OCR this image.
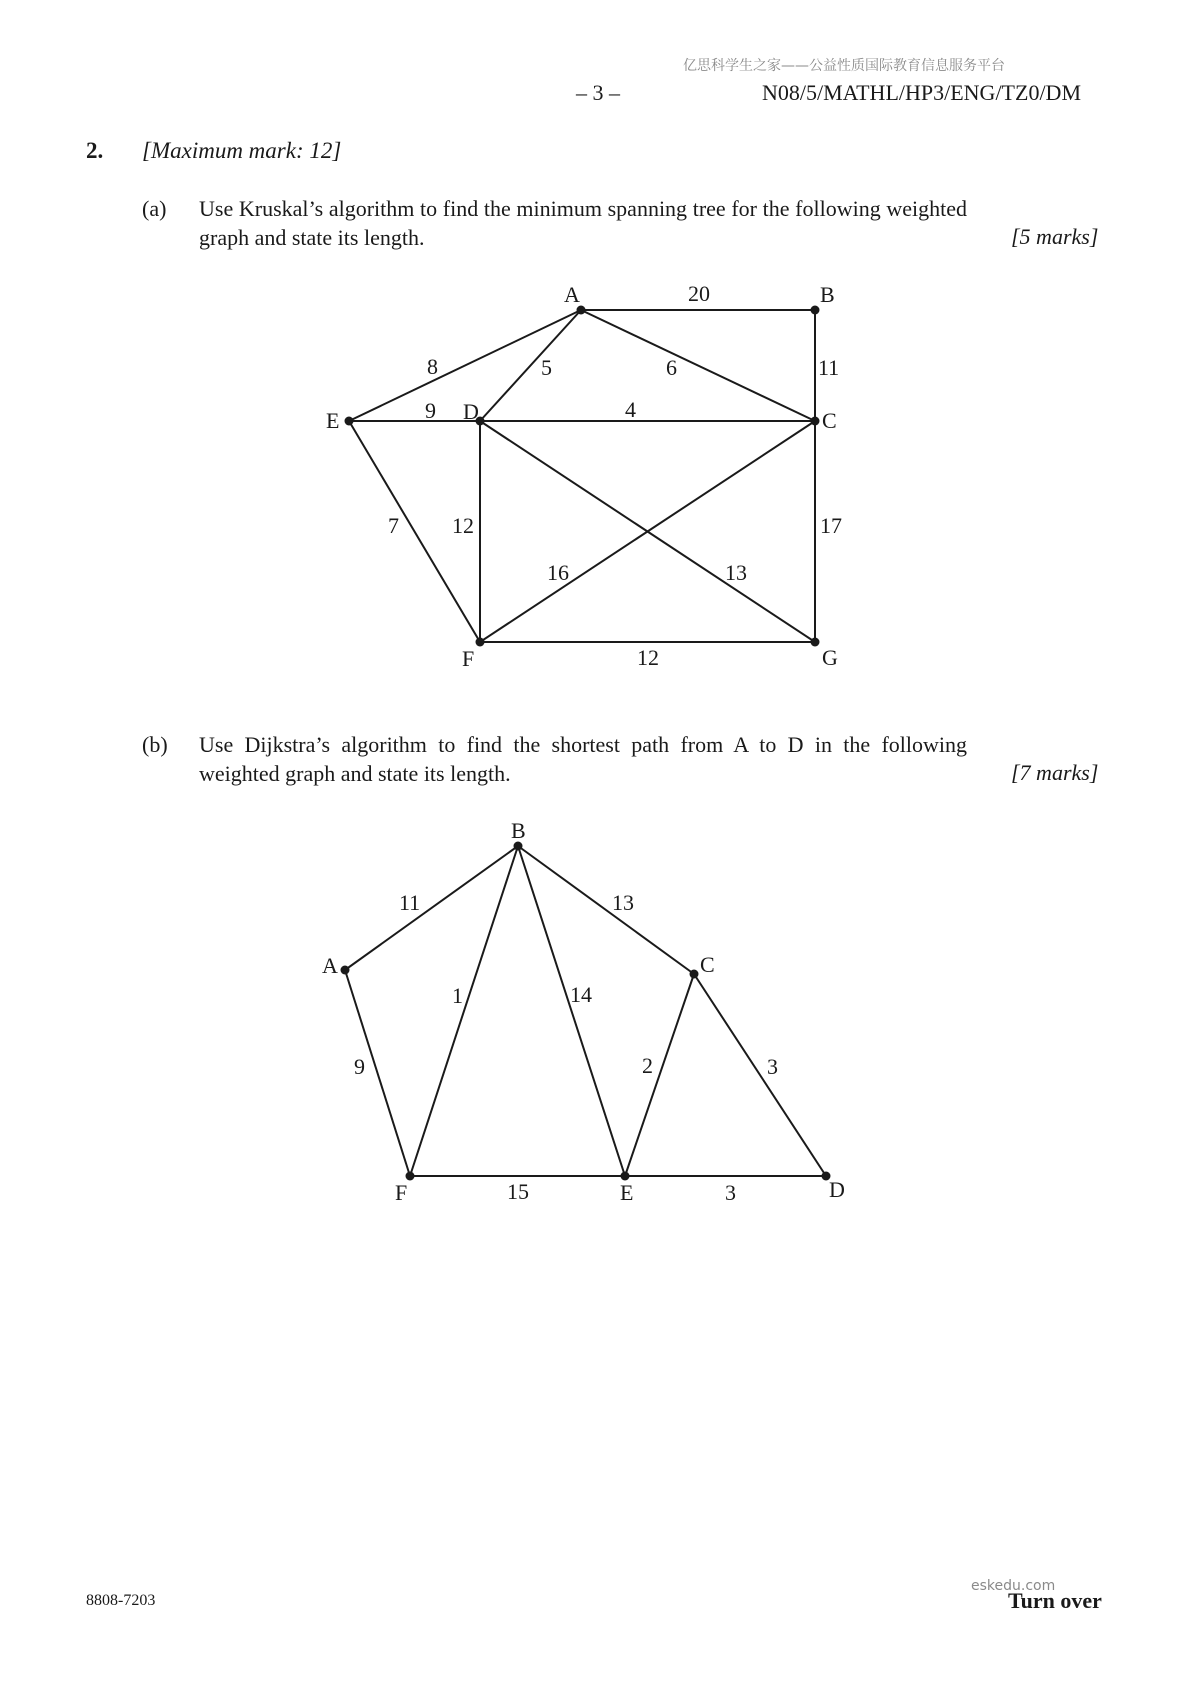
亿思科学生之家——公益性质国际教育信息服务平台
– 3 –	N08/5/MATHL/HP3/ENG/TZ0/DM
2. [Maximum mark: 12]
(a) Use Kruskal’s algorithm to find the minimum spanning tree for the following weighted graph and state its length.	[5 marks]
A	B
C
D
E
F	G
20
8	5	6	11
9	4
7 12	17
16	13
12
(b) Use Dijkstra’s algorithm to find the shortest path from A to D in the following weighted graph and state its length.	[7 marks]
A
B
C
D
E
F
11	13
1	14
9	2	3
15	3
8808-7203	Turn over
eskedu.com
